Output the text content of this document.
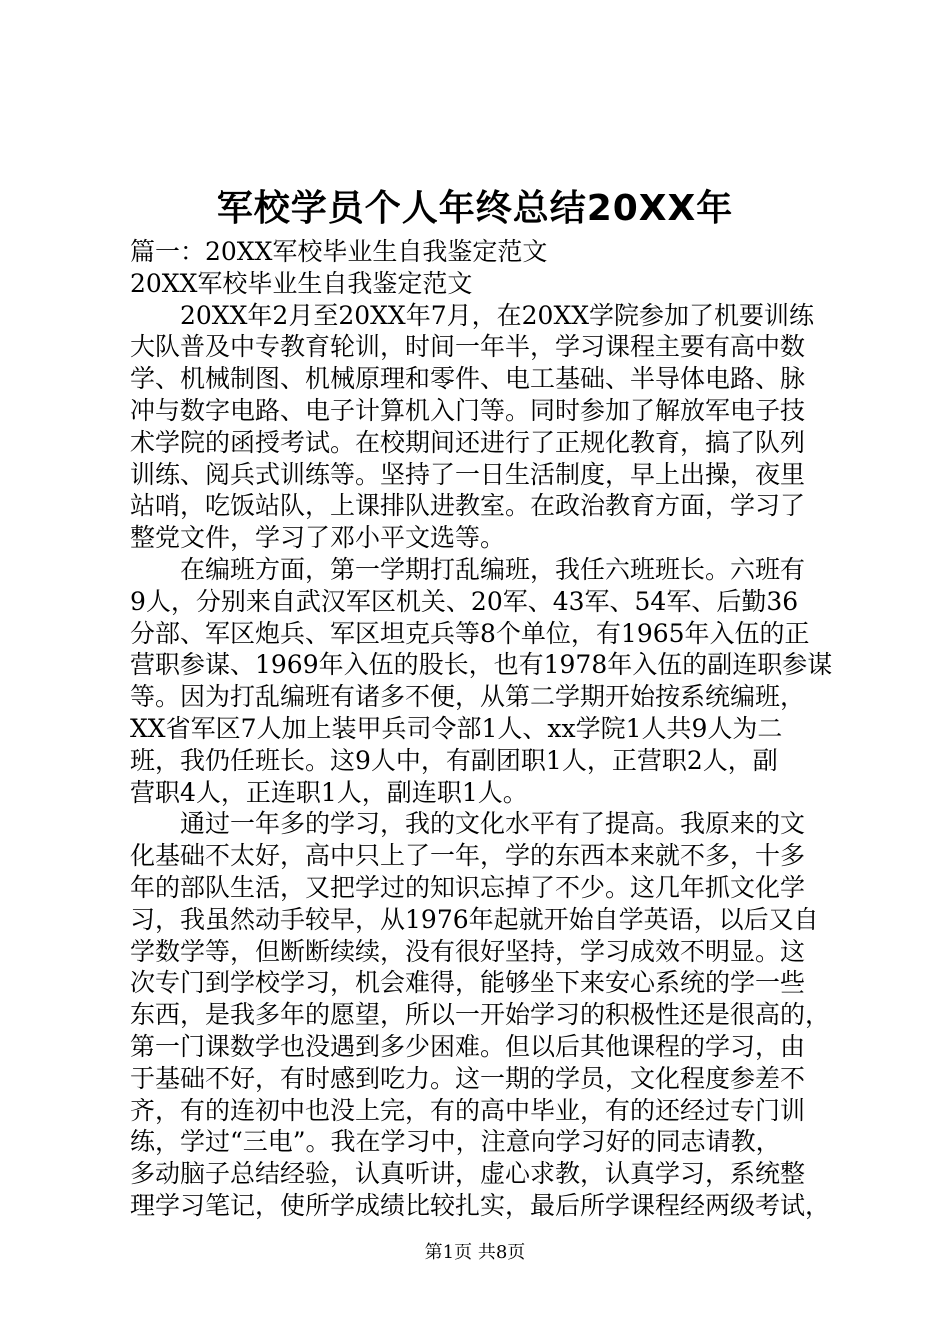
军校学员个人年终总结20XX年

篇一：20XX军校毕业生自我鉴定范文

20XX军校毕业生自我鉴定范文

20XX年2月至20XX年7月，在20XX学院参加了机要训练

大队普及中专教育轮训，时间一年半，学习课程主要有高中数

学、机械制图、机械原理和零件、电工基础、半导体电路、脉

冲与数字电路、电子计算机入门等。同时参加了解放军电子技

术学院的函授考试。在校期间还进行了正规化教育，搞了队列

训练、阅兵式训练等。坚持了一日生活制度，早上出操，夜里

站哨，吃饭站队，上课排队进教室。在政治教育方面，学习了

整党文件，学习了邓小平文选等。

在编班方面，第一学期打乱编班，我任六班班长。六班有

9人，分别来自武汉军区机关、20军、43军、54军、后勤36

分部、军区炮兵、军区坦克兵等8个单位，有1965年入伍的正

营职参谋、1969年入伍的股长，也有1978年入伍的副连职参谋

等。因为打乱编班有诸多不便，从第二学期开始按系统编班，

XX省军区7人加上装甲兵司令部1人、xx学院1人共9人为二

班，我仍任班长。这9人中，有副团职1人，正营职2人，副

营职4人，正连职1人，副连职1人。

通过一年多的学习，我的文化水平有了提高。我原来的文

化基础不太好，高中只上了一年，学的东西本来就不多，十多

年的部队生活，又把学过的知识忘掉了不少。这几年抓文化学

习，我虽然动手较早，从1976年起就开始自学英语，以后又自

学数学等，但断断续续，没有很好坚持，学习成效不明显。这

次专门到学校学习，机会难得，能够坐下来安心系统的学一些

东西，是我多年的愿望，所以一开始学习的积极性还是很高的，

第一门课数学也没遇到多少困难。但以后其他课程的学习，由

于基础不好，有时感到吃力。这一期的学员，文化程度参差不

齐，有的连初中也没上完，有的高中毕业，有的还经过专门训

练，学过“三电”。我在学习中，注意向学习好的同志请教，

多动脑子总结经验，认真听讲，虚心求教，认真学习，系统整

理学习笔记，使所学成绩比较扎实，最后所学课程经两级考试，

第1页 共8页
